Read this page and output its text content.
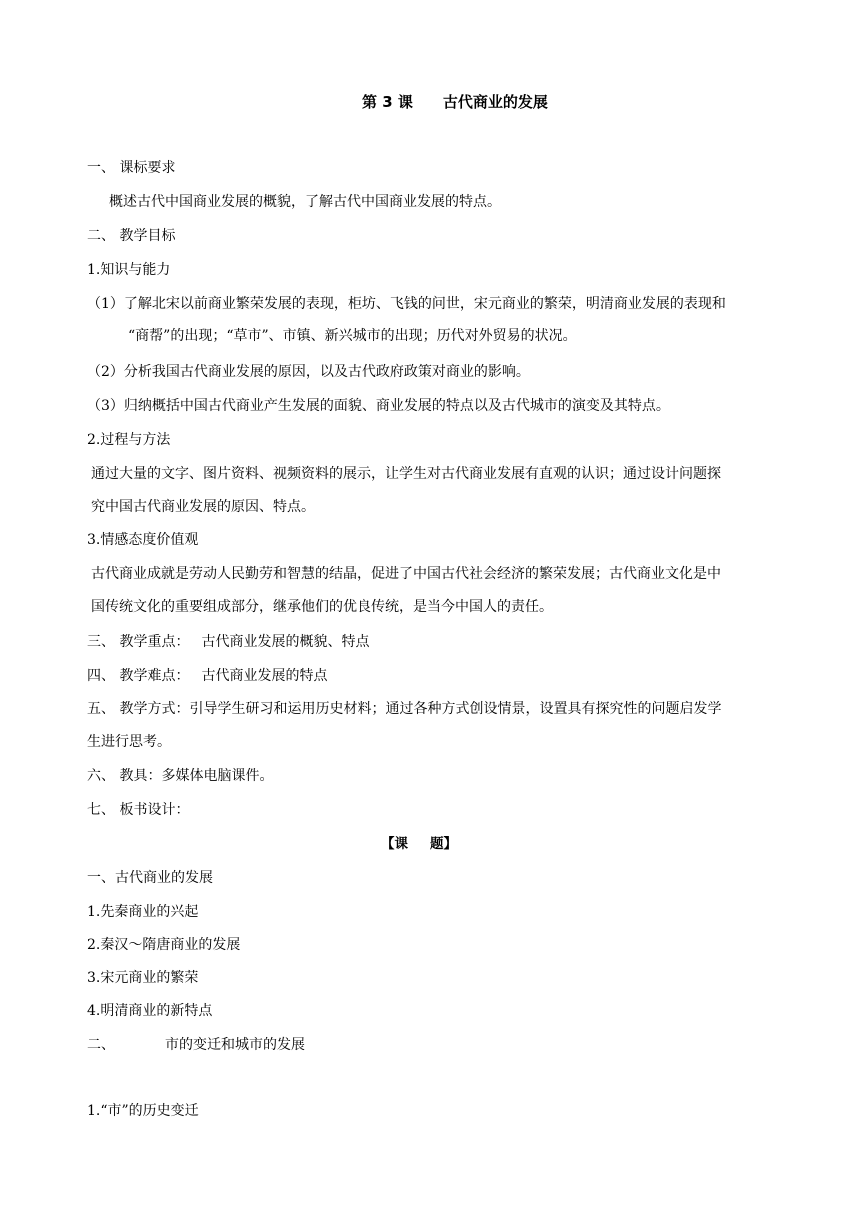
第 3 课 古代商业的发展
一、 课标要求
概述古代中国商业发展的概貌，了解古代中国商业发展的特点。
二、 教学目标
1.知识与能力
（1）了解北宋以前商业繁荣发展的表现，柜坊、飞钱的问世，宋元商业的繁荣，明清商业发展的表现和
“商帮”的出现；“草市”、市镇、新兴城市的出现；历代对外贸易的状况。
（2）分析我国古代商业发展的原因，以及古代政府政策对商业的影响。
（3）归纳概括中国古代商业产生发展的面貌、商业发展的特点以及古代城市的演变及其特点。
2.过程与方法
通过大量的文字、图片资料、视频资料的展示，让学生对古代商业发展有直观的认识；通过设计问题探
究中国古代商业发展的原因、特点。
3.情感态度价值观
古代商业成就是劳动人民勤劳和智慧的结晶，促进了中国古代社会经济的繁荣发展；古代商业文化是中
国传统文化的重要组成部分，继承他们的优良传统，是当今中国人的责任。
三、 教学重点： 古代商业发展的概貌、特点
四、 教学难点： 古代商业发展的特点
五、 教学方式：引导学生研习和运用历史材料；通过各种方式创设情景，设置具有探究性的问题启发学
生进行思考。
六、 教具：多媒体电脑课件。
七、 板书设计：
【课 题】
一、古代商业的发展
1.先秦商业的兴起
2.秦汉～隋唐商业的发展
3.宋元商业的繁荣
4.明清商业的新特点
二、	市的变迁和城市的发展
1.“市”的历史变迁
